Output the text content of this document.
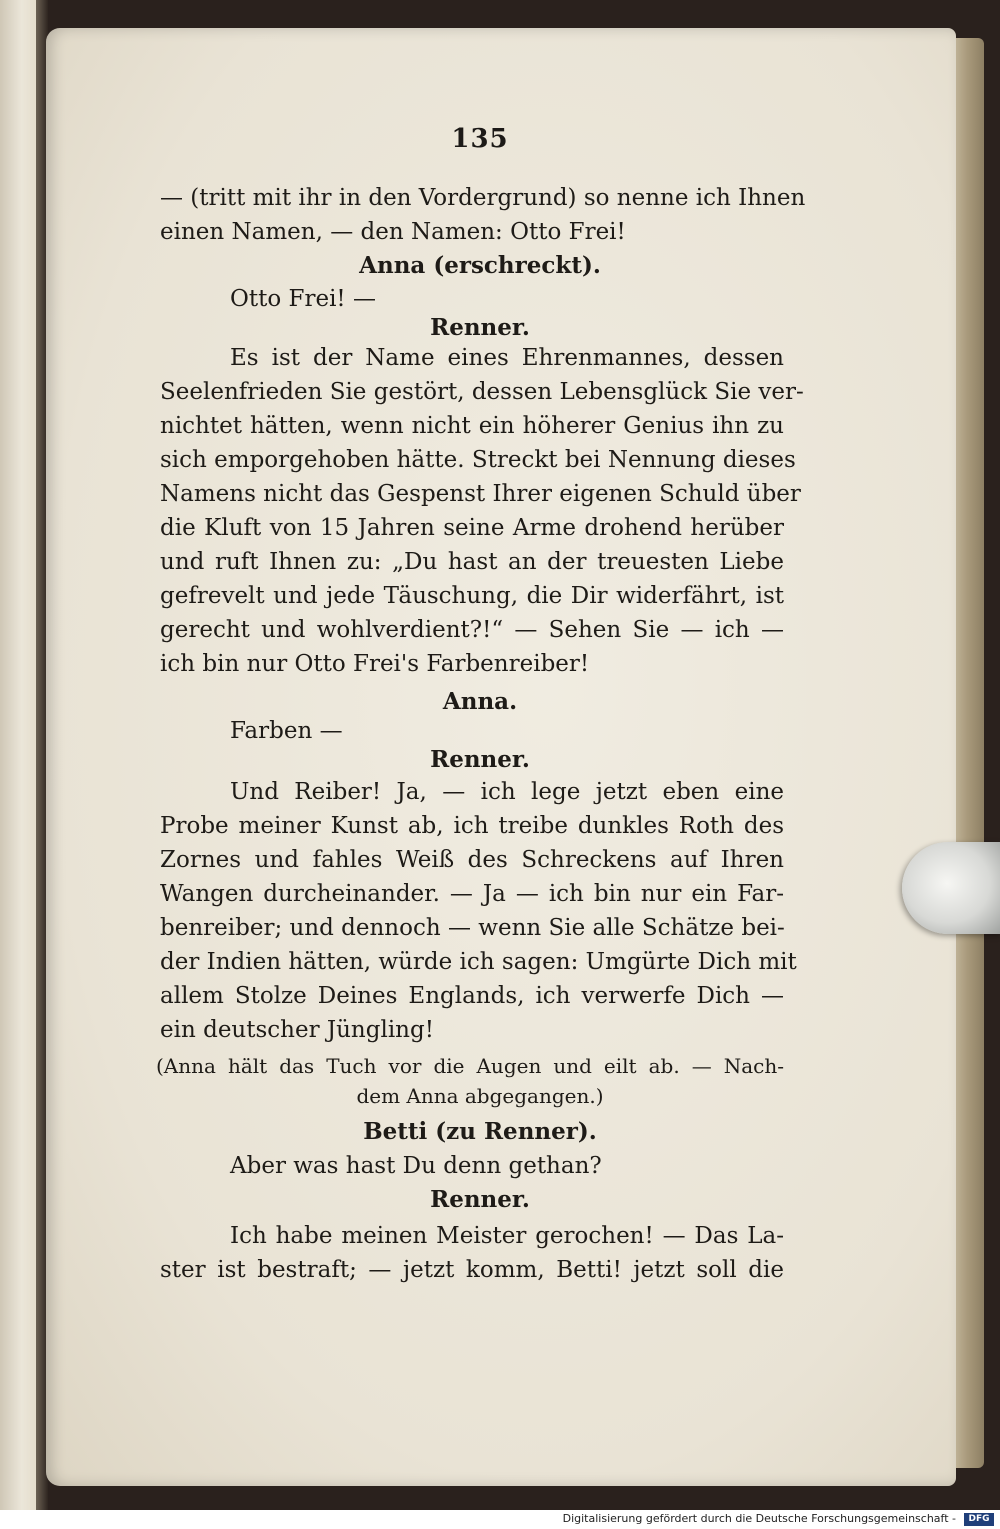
135
— (tritt mit ihr in den Vordergrund) so nenne ich Ihnen
einen Namen, — den Namen: Otto Frei!
Anna (erschreckt).
Otto Frei! —
Renner.
Es ist der Name eines Ehrenmannes, dessen
Seelenfrieden Sie gestört, dessen Lebensglück Sie ver-
nichtet hätten, wenn nicht ein höherer Genius ihn zu
sich emporgehoben hätte. Streckt bei Nennung dieses
Namens nicht das Gespenst Ihrer eigenen Schuld über
die Kluft von 15 Jahren seine Arme drohend herüber
und ruft Ihnen zu: „Du hast an der treuesten Liebe
gefrevelt und jede Täuschung, die Dir widerfährt, ist
gerecht und wohlverdient?!“ — Sehen Sie — ich —
ich bin nur Otto Frei's Farbenreiber!
Anna.
Farben —
Renner.
Und Reiber! Ja, — ich lege jetzt eben eine
Probe meiner Kunst ab, ich treibe dunkles Roth des
Zornes und fahles Weiß des Schreckens auf Ihren
Wangen durcheinander. — Ja — ich bin nur ein Far-
benreiber; und dennoch — wenn Sie alle Schätze bei-
der Indien hätten, würde ich sagen: Umgürte Dich mit
allem Stolze Deines Englands, ich verwerfe Dich —
ein deutscher Jüngling!
(Anna hält das Tuch vor die Augen und eilt ab. — Nach-
dem Anna abgegangen.)
Betti (zu Renner).
Aber was hast Du denn gethan?
Renner.
Ich habe meinen Meister gerochen! — Das La-
ster ist bestraft; — jetzt komm, Betti! jetzt soll die
Digitalisierung gefördert durch die Deutsche Forschungsgemeinschaft -	DFG
